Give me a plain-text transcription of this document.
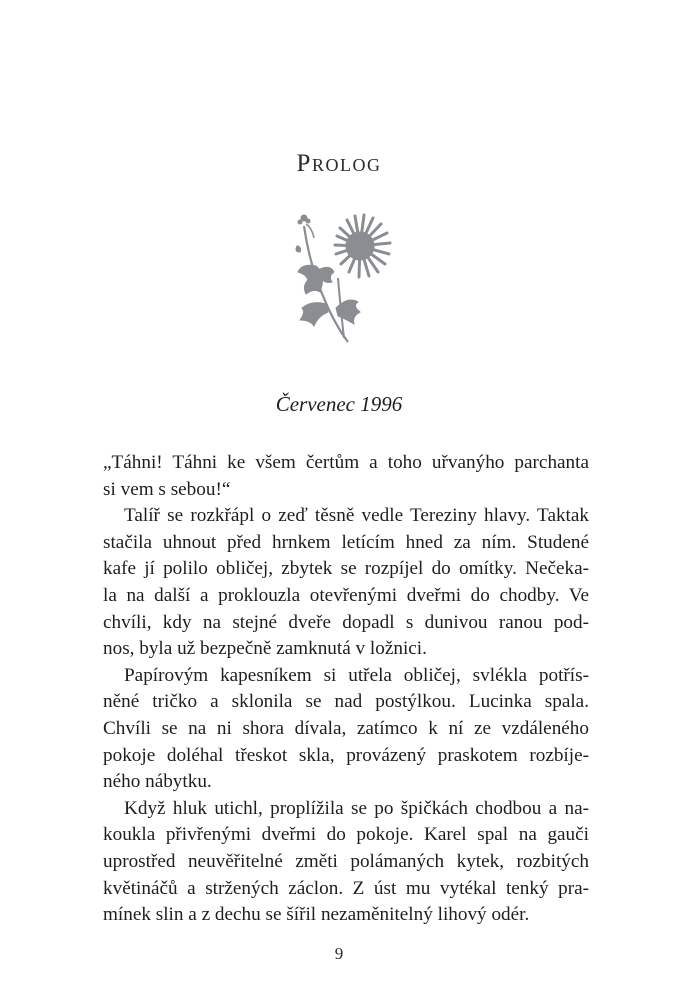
Prolog
Červenec 1996
„Táhni! Táhni ke všem čertům a toho uřvanýho parchanta
si vem s sebou!“
Talíř se rozkřápl o zeď těsně vedle Tereziny hlavy. Taktak
stačila uhnout před hrnkem letícím hned za ním. Studené
kafe jí polilo obličej, zbytek se rozpíjel do omítky. Nečeka-
la na další a proklouzla otevřenými dveřmi do chodby. Ve
chvíli, kdy na stejné dveře dopadl s dunivou ranou pod-
nos, byla už bezpečně zamknutá v ložnici.
Papírovým kapesníkem si utřela obličej, svlékla potřís-
něné tričko a sklonila se nad postýlkou. Lucinka spala.
Chvíli se na ni shora dívala, zatímco k ní ze vzdáleného
pokoje doléhal třeskot skla, provázený praskotem rozbíje-
ného nábytku.
Když hluk utichl, proplížila se po špičkách chodbou a na-
koukla přivřenými dveřmi do pokoje. Karel spal na gauči
uprostřed neuvěřitelné změti polámaných kytek, rozbitých
květináčů a stržených záclon. Z úst mu vytékal tenký pra-
mínek slin a z dechu se šířil nezaměnitelný lihový odér.
9
